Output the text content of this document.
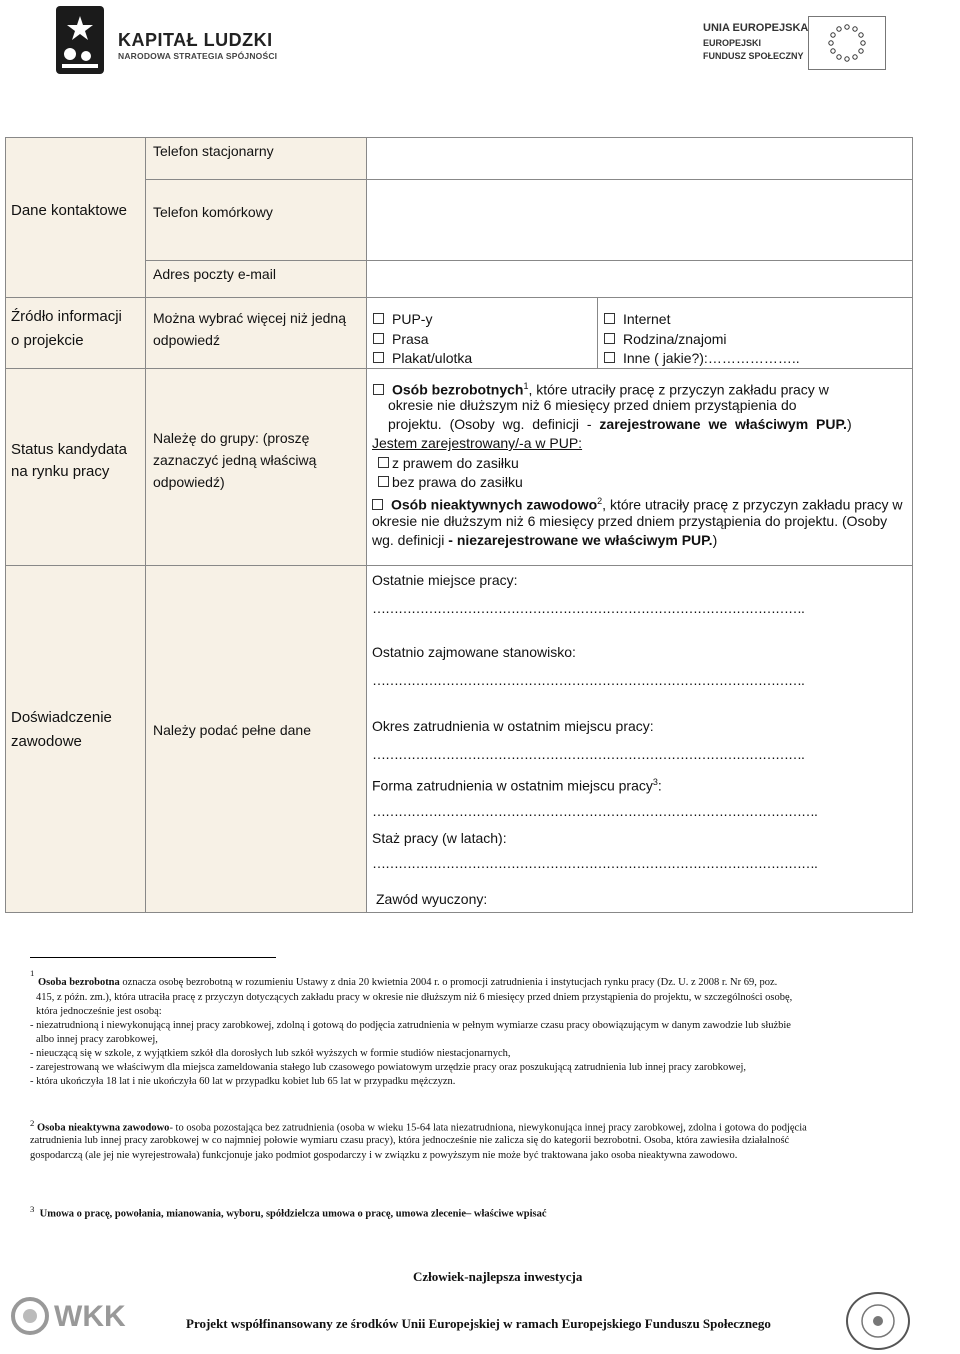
KAPITAŁ LUDZKI
NARODOWA STRATEGIA SPÓJNOŚCI
UNIA EUROPEJSKA
EUROPEJSKI
FUNDUSZ SPOŁECZNY
Dane kontaktowe
Telefon stacjonarny
Telefon komórkowy
Adres poczty e-mail
Źródło informacji
o projekcie
Można wybrać więcej niż jedną
odpowiedź
PUP-y
Prasa
Plakat/ulotka
Internet
Rodzina/znajomi
Inne ( jakie?):………………..
Status kandydata
na rynku pracy
Należę do grupy: (proszę
zaznaczyć jedną właściwą
odpowiedź)
Osób bezrobotnych$^1$, które utraciły pracę z przyczyn zakładu pracy w
okresie nie dłuższym niż 6 miesięcy przed dniem przystąpienia do
projektu. (Osoby wg. definicji - zarejestrowane we właściwym PUP.)
Jestem zarejestrowany/-a w PUP:
z prawem do zasiłku
bez prawa do zasiłku
Osób nieaktywnych zawodowo$^2$, które utraciły pracę z przyczyn zakładu pracy w
okresie nie dłuższym niż 6 miesięcy przed dniem przystąpienia do projektu. (Osoby
wg. definicji - niezarejestrowane we właściwym PUP.)
Doświadczenie
zawodowe
Należy podać pełne dane
Ostatnie miejsce pracy:
……………………………………………………………………………………….
Ostatnio zajmowane stanowisko:
……………………………………………………………………………………….
Okres zatrudnienia w ostatnim miejscu pracy:
……………………………………………………………………………………….
Forma zatrudnienia w ostatnim miejscu pracy$^3$:
………………………………………………………………………………………….
Staż pracy (w latach):
………………………………………………………………………………………….
Zawód wyuczony:
$^1$
Osoba bezrobotna oznacza osobę bezrobotną w rozumieniu Ustawy z dnia 20 kwietnia 2004 r. o promocji zatrudnienia i instytucjach rynku pracy (Dz. U. z 2008 r. Nr 69, poz.
415, z późn. zm.), która utraciła pracę z przyczyn dotyczących zakładu pracy w okresie nie dłuższym niż 6 miesięcy przed dniem przystąpienia do projektu, w szczególności osobę,
która jednocześnie jest osobą:
- niezatrudnioną i niewykonującą innej pracy zarobkowej, zdolną i gotową do podjęcia zatrudnienia w pełnym wymiarze czasu pracy obowiązującym w danym zawodzie lub służbie
albo innej pracy zarobkowej,
- nieuczącą się w szkole, z wyjątkiem szkół dla dorosłych lub szkół wyższych w formie studiów niestacjonarnych,
- zarejestrowaną we właściwym dla miejsca zameldowania stałego lub czasowego powiatowym urzędzie pracy oraz poszukującą zatrudnienia lub innej pracy zarobkowej,
- która ukończyła 18 lat i nie ukończyła 60 lat w przypadku kobiet lub 65 lat w przypadku mężczyzn.
$^2$ Osoba nieaktywna zawodowo- to osoba pozostająca bez zatrudnienia (osoba w wieku 15-64 lata niezatrudniona, niewykonująca innej pracy zarobkowej, zdolna i gotowa do podjęcia
zatrudnienia lub innej pracy zarobkowej w co najmniej połowie wymiaru czasu pracy), która jednocześnie nie zalicza się do kategorii bezrobotni. Osoba, która zawiesiła działalność
gospodarczą (ale jej nie wyrejestrowała) funkcjonuje jako podmiot gospodarczy i w związku z powyższym nie może być traktowana jako osoba nieaktywna zawodowo.
$^3$ Umowa o pracę, powołania, mianowania, wyboru, spółdzielcza umowa o pracę, umowa zlecenie– właściwe wpisać
Człowiek-najlepsza inwestycja
WKK	Projekt współfinansowany ze środków Unii Europejskiej w ramach Europejskiego Funduszu Społecznego
